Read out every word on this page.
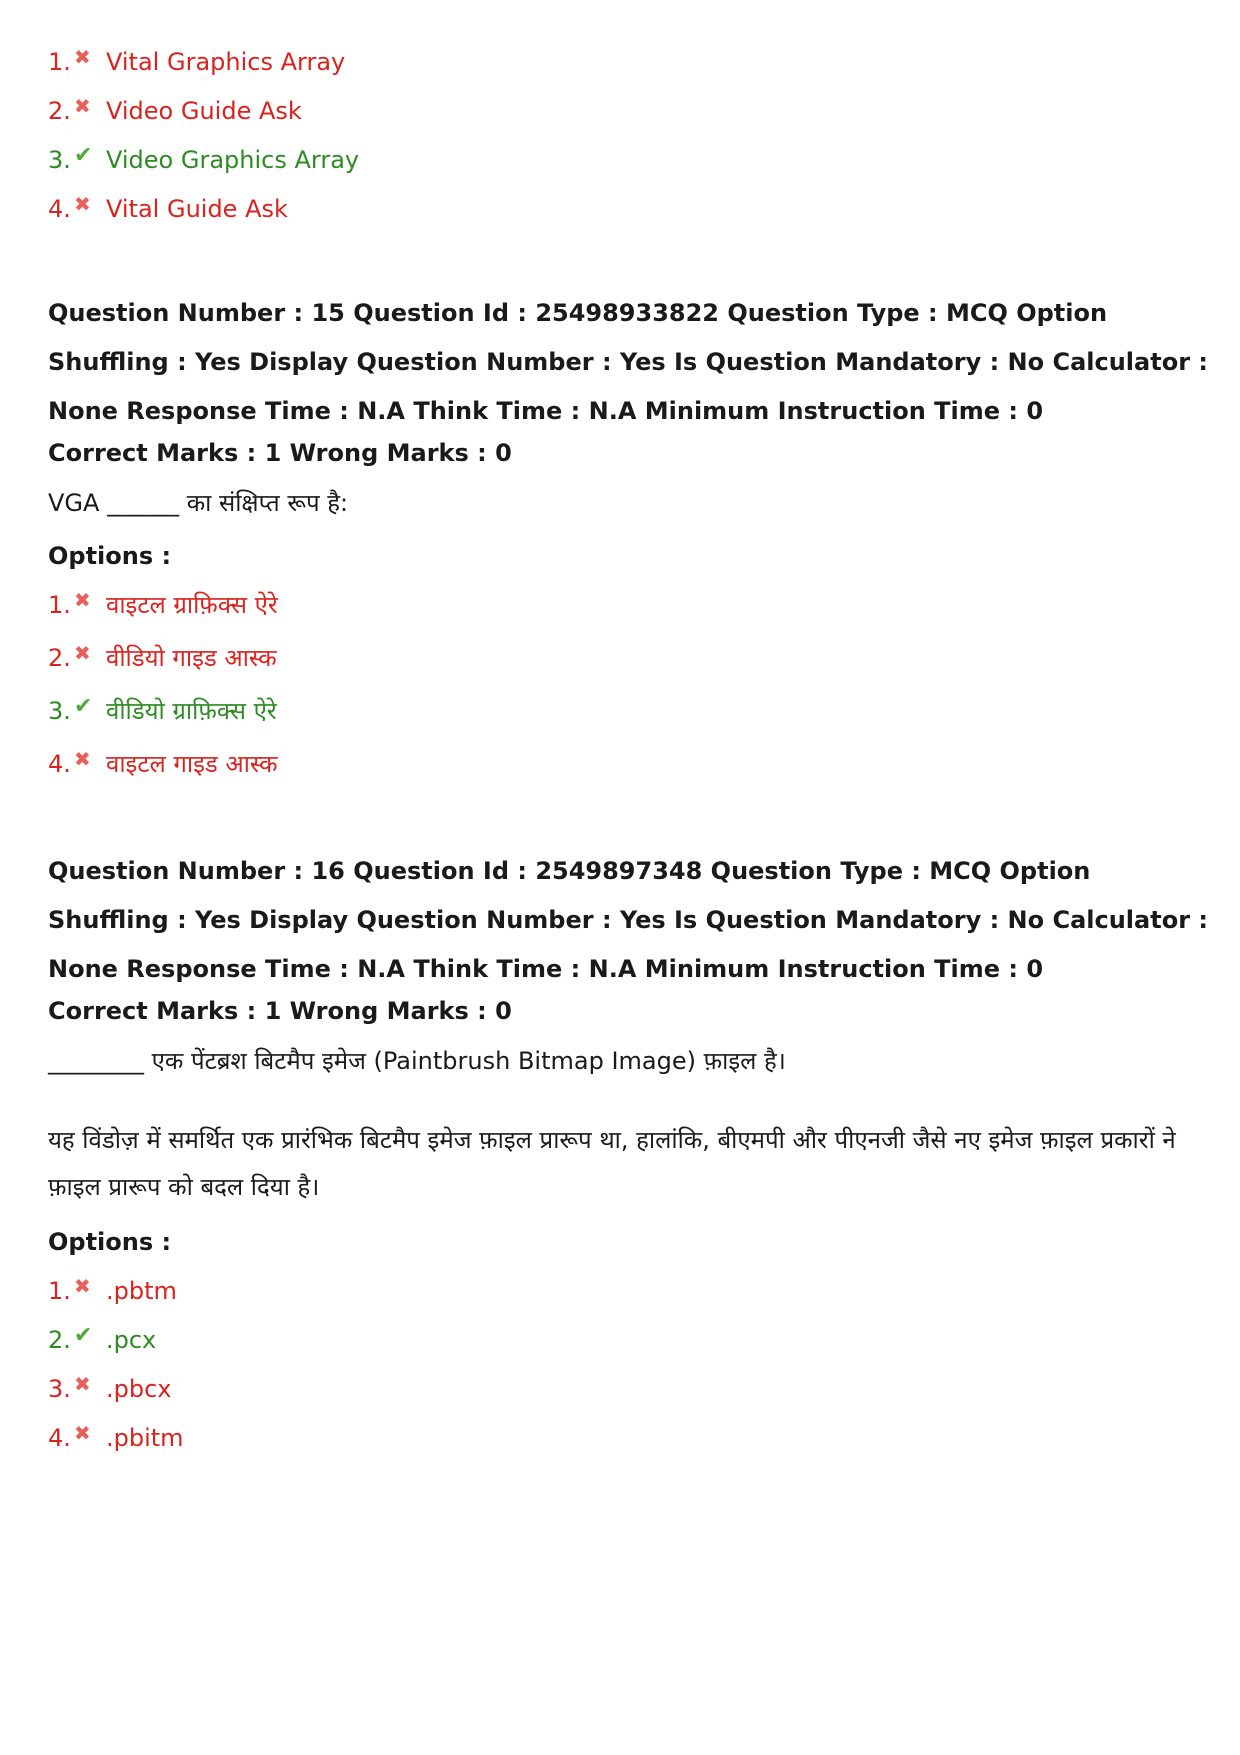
1. ✖ Vital Graphics Array
2. ✖ Video Guide Ask
3. ✔ Video Graphics Array
4. ✖ Vital Guide Ask

Question Number : 15 Question Id : 25498933822 Question Type : MCQ Option Shuffling : Yes Display Question Number : Yes Is Question Mandatory : No Calculator : None Response Time : N.A Think Time : N.A Minimum Instruction Time : 0

Correct Marks : 1 Wrong Marks : 0

VGA ______ का संक्षिप्त रूप है:

Options :

1. ✖ वाइटल ग्राफ़िक्स ऐरे
2. ✖ वीडियो गाइड आस्क
3. ✔ वीडियो ग्राफ़िक्स ऐरे
4. ✖ वाइटल गाइड आस्क

Question Number : 16 Question Id : 2549897348 Question Type : MCQ Option Shuffling : Yes Display Question Number : Yes Is Question Mandatory : No Calculator : None Response Time : N.A Think Time : N.A Minimum Instruction Time : 0

Correct Marks : 1 Wrong Marks : 0

________ एक पेंटब्रश बिटमैप इमेज (Paintbrush Bitmap Image) फ़ाइल है।

यह विंडोज़ में समर्थित एक प्रारंभिक बिटमैप इमेज फ़ाइल प्रारूप था, हालांकि, बीएमपी और पीएनजी जैसे नए इमेज फ़ाइल प्रकारों ने फ़ाइल प्रारूप को बदल दिया है।

Options :

1. ✖ .pbtm
2. ✔ .pcx
3. ✖ .pbcx
4. ✖ .pbitm
